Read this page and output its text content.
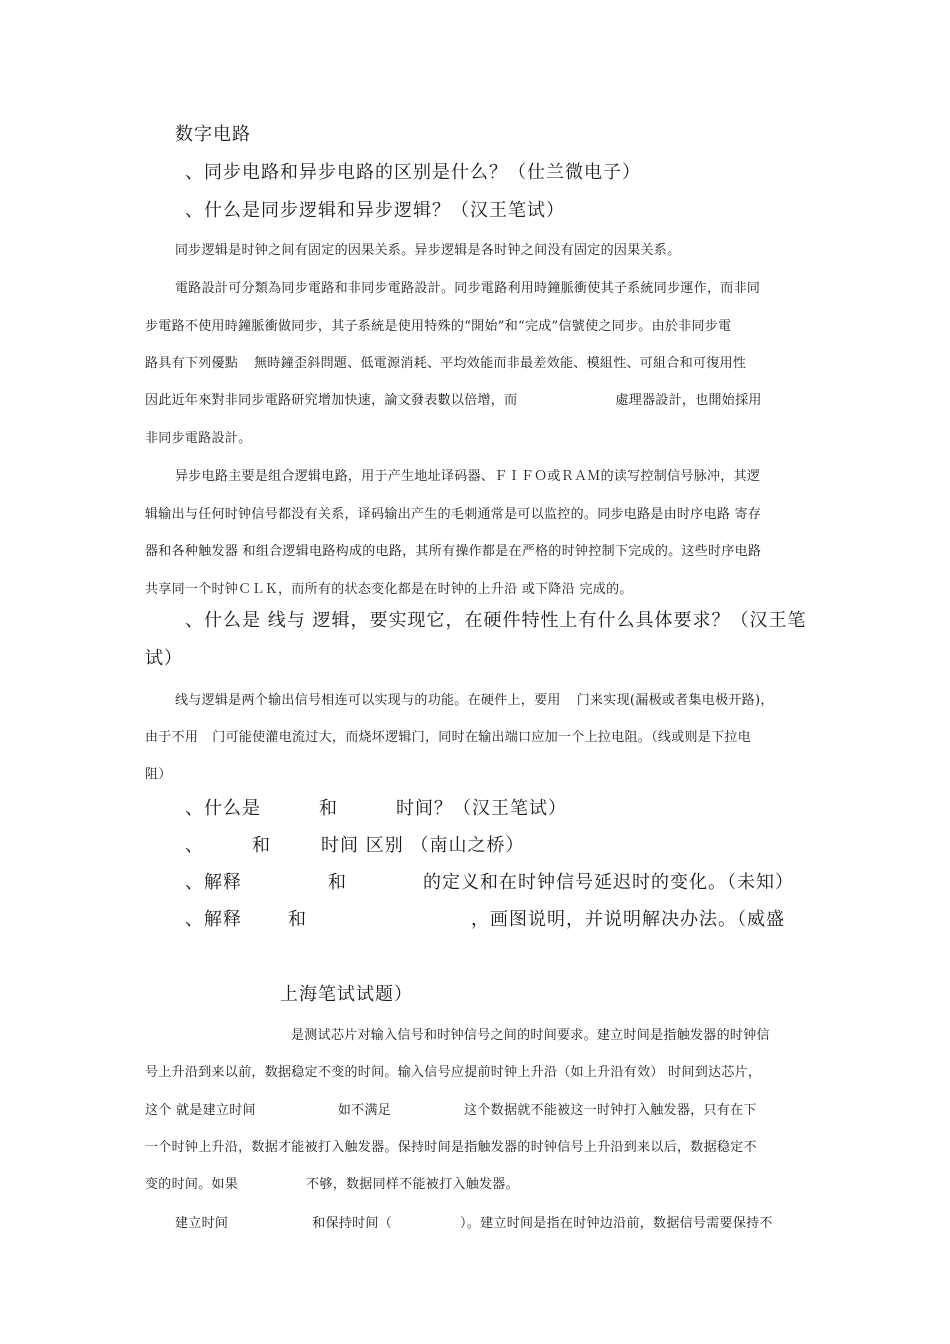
数字电路
、同步电路和异步电路的区别是什么？（仕兰微电子）
、什么是同步逻辑和异步逻辑？（汉王笔试）
同步逻辑是时钟之间有固定的因果关系。异步逻辑是各时钟之间没有固定的因果关系。
電路設計可分類為同步電路和非同步電路設計。同步電路利用時鐘脈衝使其子系統同步運作，而非同
步電路不使用時鐘脈衝做同步，其子系統是使用特殊的“開始”和“完成”信號使之同步。由於非同步電
路具有下列優點 無時鐘歪斜問題、低電源消耗、平均效能而非最差效能、模組性、可組合和可復用性
因此近年來對非同步電路研究增加快速，論文發表數以倍增，而	處理器設計，也開始採用
非同步電路設計。
异步电路主要是组合逻辑电路，用于产生地址译码器、ＦＩＦＯ或ＲＡＭ的读写控制信号脉冲，其逻
辑输出与任何时钟信号都没有关系，译码输出产生的毛刺通常是可以监控的。同步电路是由时序电路 寄存
器和各种触发器 和组合逻辑电路构成的电路，其所有操作都是在严格的时钟控制下完成的。这些时序电路
共享同一个时钟ＣＬＫ，而所有的状态变化都是在时钟的上升沿 或下降沿 完成的。
、什么是 线与 逻辑，要实现它，在硬件特性上有什么具体要求？（汉王笔
试）
线与逻辑是两个输出信号相连可以实现与的功能。在硬件上，要用 门来实现(漏极或者集电极开路)，
由于不用 门可能使灌电流过大，而烧坏逻辑门，同时在输出端口应加一个上拉电阻。（线或则是下拉电
阻）
、什么是	和	时间？（汉王笔试）
、	和	时间 区别 （南山之桥）
、解释	和	的定义和在时钟信号延迟时的变化。（未知）
、解释	和	，画图说明，并说明解决办法。（威盛
上海笔试试题）
是测试芯片对输入信号和时钟信号之间的时间要求。建立时间是指触发器的时钟信
号上升沿到来以前，数据稳定不变的时间。输入信号应提前时钟上升沿（如上升沿有效） 时间到达芯片，
这个 就是建立时间	如不满足	这个数据就不能被这一时钟打入触发器，只有在下
一个时钟上升沿，数据才能被打入触发器。保持时间是指触发器的时钟信号上升沿到来以后，数据稳定不
变的时间。如果	不够，数据同样不能被打入触发器。
建立时间	和保持时间（	）。建立时间是指在时钟边沿前，数据信号需要保持不
